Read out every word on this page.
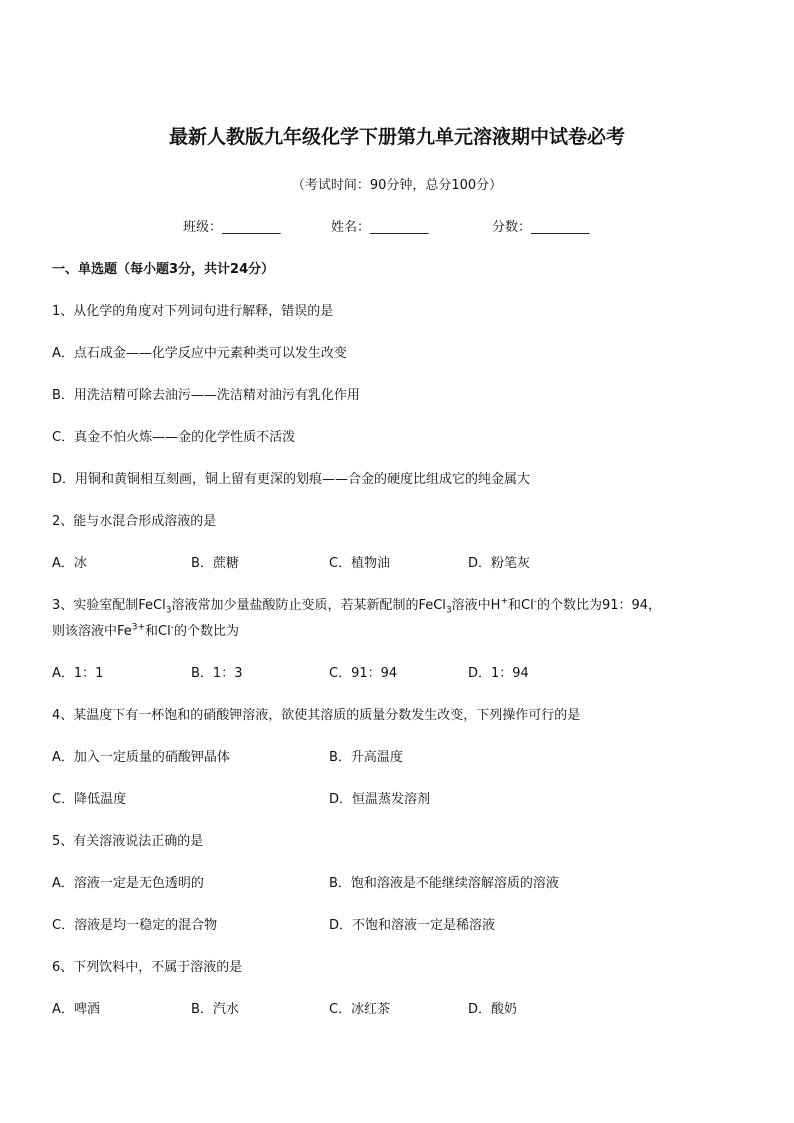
最新人教版九年级化学下册第九单元溶液期中试卷必考
（考试时间：90分钟，总分100分）
班级：_________	姓名：_________	分数：_________
一、单选题（每小题3分，共计24分）
1、从化学的角度对下列词句进行解释，错误的是
A．点石成金——化学反应中元素种类可以发生改变
B．用洗洁精可除去油污——洗洁精对油污有乳化作用
C．真金不怕火炼——金的化学性质不活泼
D．用铜和黄铜相互刻画，铜上留有更深的划痕——合金的硬度比组成它的纯金属大
2、能与水混合形成溶液的是
A．冰	B．蔗糖	C．植物油	D．粉笔灰
3、实验室配制FeCl$_3$溶液常加少量盐酸防止变质，若某新配制的FeCl$_3$溶液中H+和Cl-的个数比为91：94，
则该溶液中$Fe^{3+}$和Cl-的个数比为
A．1：1	B．1：3	C．91：94	D．1：94
4、某温度下有一杯饱和的硝酸钾溶液，欲使其溶质的质量分数发生改变，下列操作可行的是
A．加入一定质量的硝酸钾晶体	B．升高温度
C．降低温度	D．恒温蒸发溶剂
5、有关溶液说法正确的是
A．溶液一定是无色透明的	B．饱和溶液是不能继续溶解溶质的溶液
C．溶液是均一稳定的混合物	D．不饱和溶液一定是稀溶液
6、下列饮料中，不属于溶液的是
A．啤酒	B．汽水	C．冰红茶	D．酸奶
